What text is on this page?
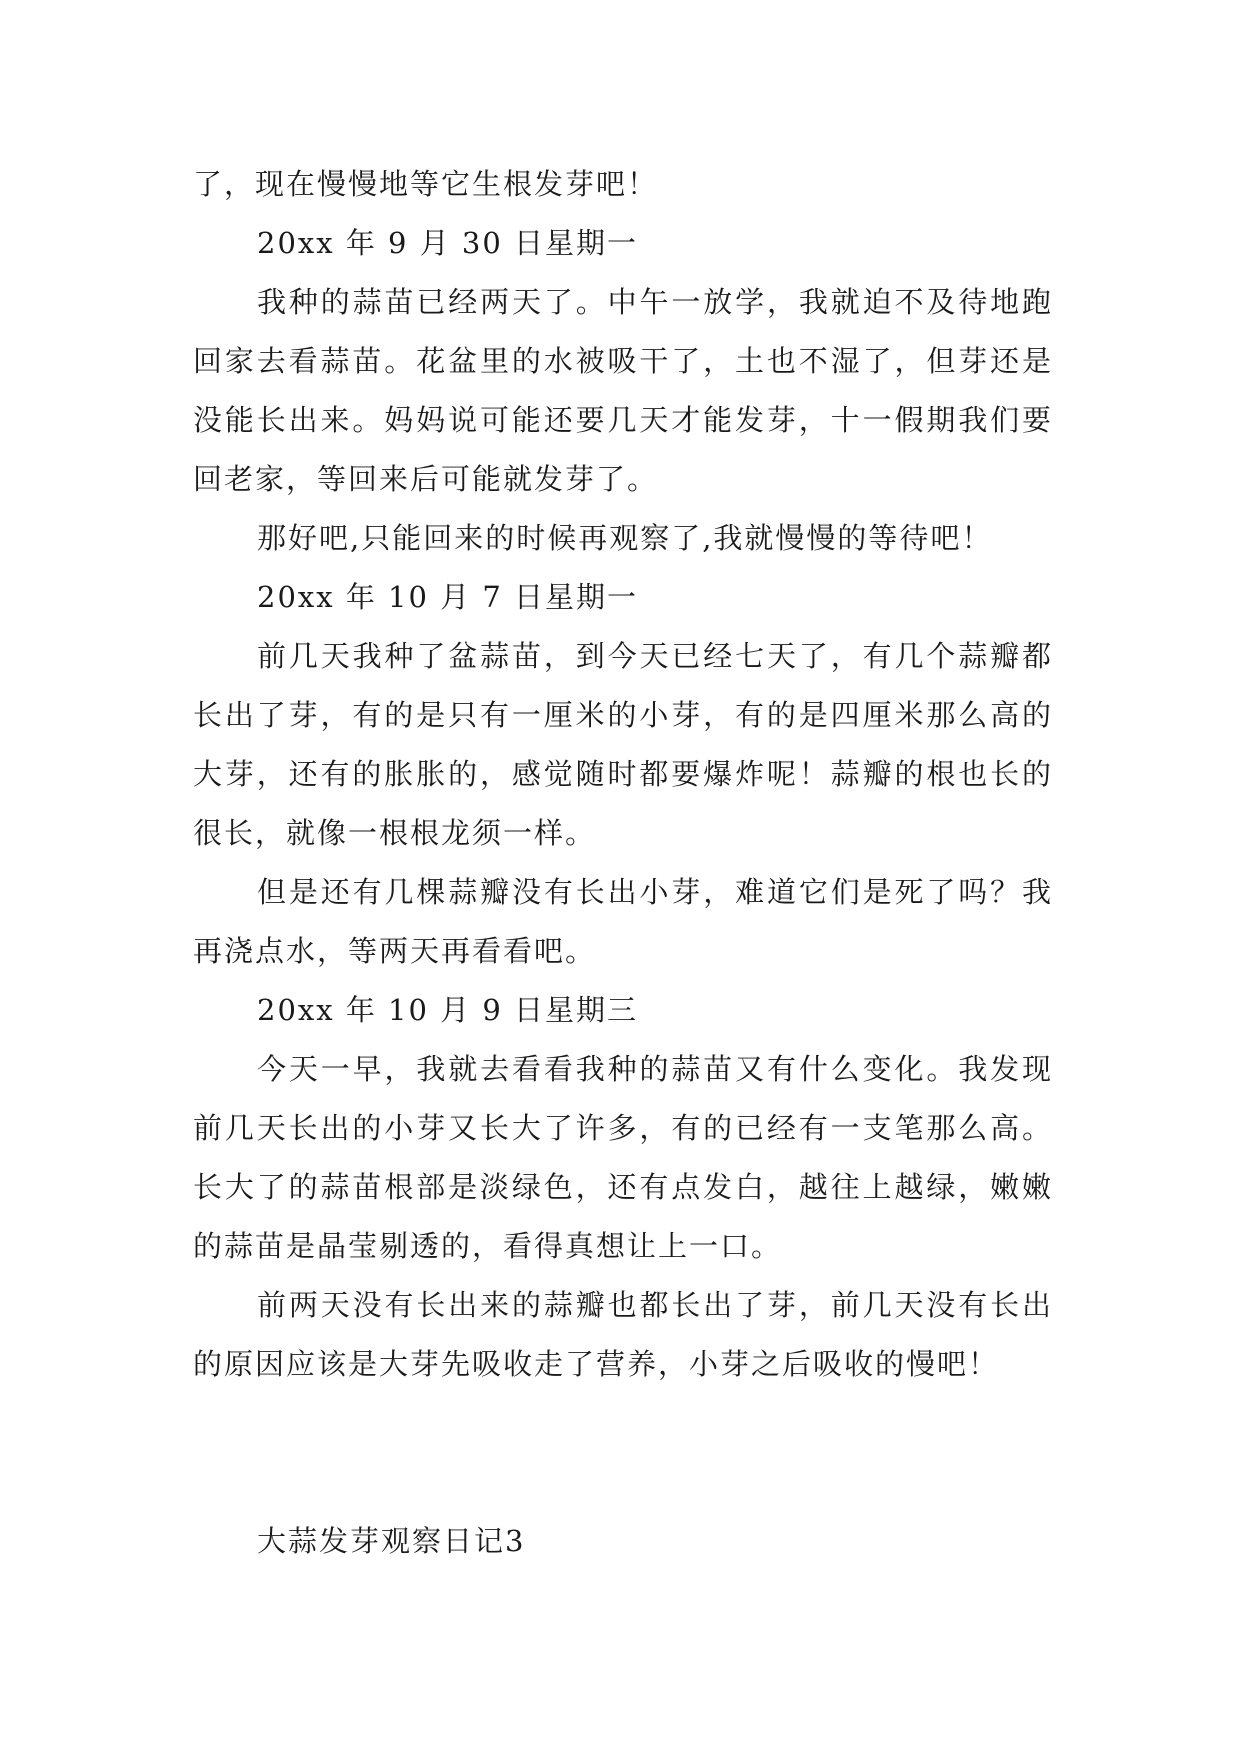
了，现在慢慢地等它生根发芽吧！

20xx 年 9 月 30 日星期一

我种的蒜苗已经两天了。中午一放学，我就迫不及待地跑回家去看蒜苗。花盆里的水被吸干了，土也不湿了，但芽还是没能长出来。妈妈说可能还要几天才能发芽，十一假期我们要回老家，等回来后可能就发芽了。

那好吧,只能回来的时候再观察了,我就慢慢的等待吧！

20xx 年 10 月 7 日星期一

前几天我种了盆蒜苗，到今天已经七天了，有几个蒜瓣都长出了芽，有的是只有一厘米的小芽，有的是四厘米那么高的大芽，还有的胀胀的，感觉随时都要爆炸呢！蒜瓣的根也长的很长，就像一根根龙须一样。

但是还有几棵蒜瓣没有长出小芽，难道它们是死了吗？我再浇点水，等两天再看看吧。

20xx 年 10 月 9 日星期三

今天一早，我就去看看我种的蒜苗又有什么变化。我发现前几天长出的小芽又长大了许多，有的已经有一支笔那么高。长大了的蒜苗根部是淡绿色，还有点发白，越往上越绿，嫩嫩的蒜苗是晶莹剔透的，看得真想让上一口。

前两天没有长出来的蒜瓣也都长出了芽，前几天没有长出的原因应该是大芽先吸收走了营养，小芽之后吸收的慢吧！

大蒜发芽观察日记3
